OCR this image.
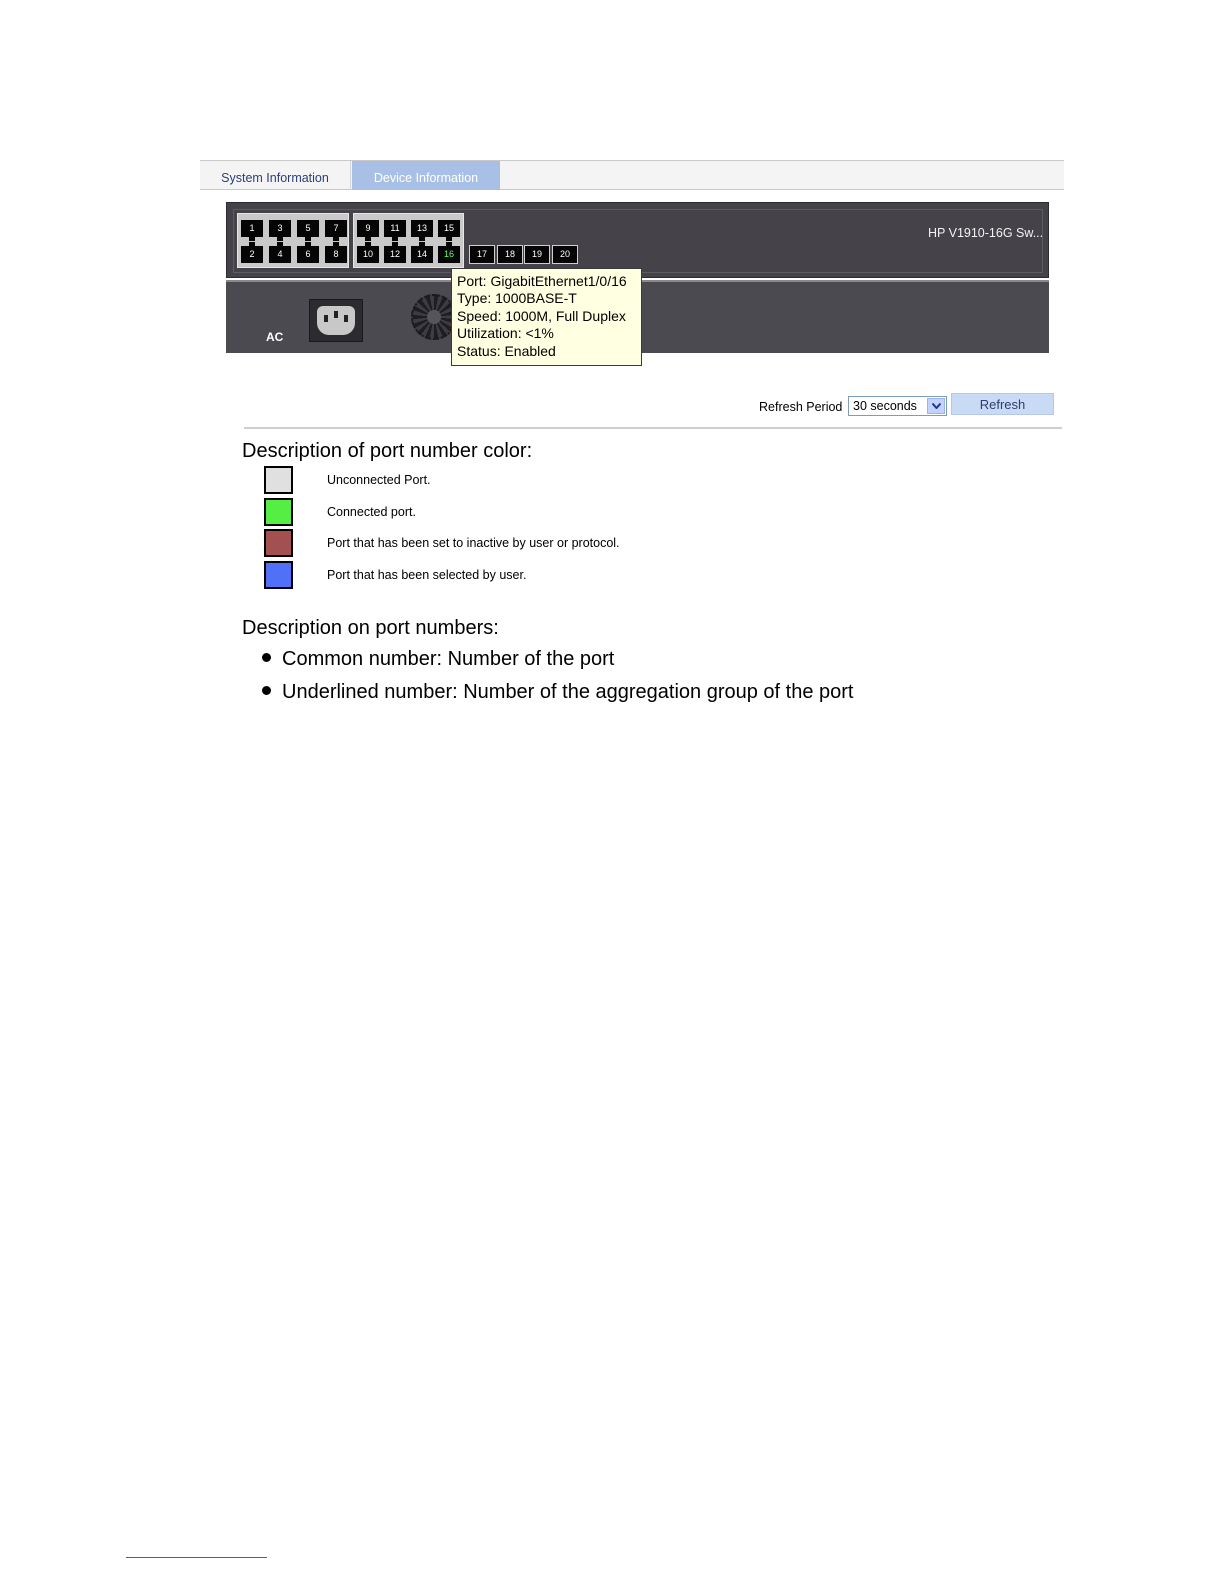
System Information	Device Information
1	3	5	7
2	4	6	8
9	11	13	15
10	12	14	16	17	18	19	20
HP V1910-16G Sw...
AC
Port: GigabitEthernet1/0/16
Type: 1000BASE-T
Speed: 1000M, Full Duplex
Utilization: <1%
Status: Enabled
Refresh Period 30 seconds	Refresh
Description of port number color:
Unconnected Port.
Connected port.
Port that has been set to inactive by user or protocol.
Port that has been selected by user.
Description on port numbers:
Common number: Number of the port
Underlined number: Number of the aggregation group of the port
